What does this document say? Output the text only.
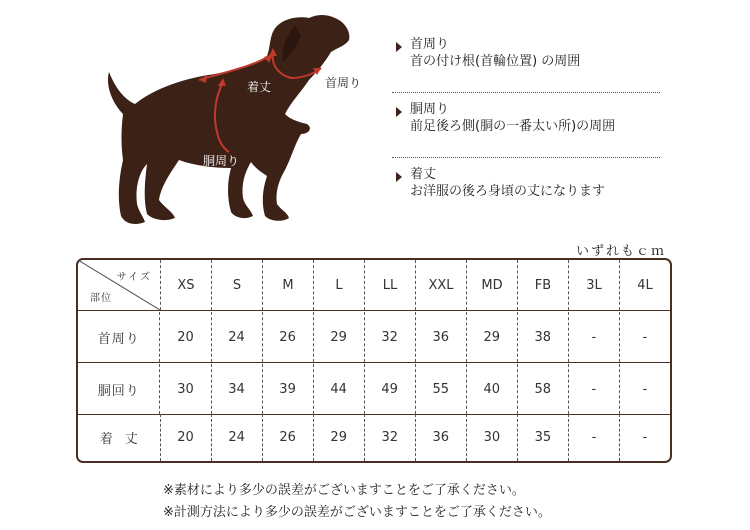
着丈	首周り
胴周り
首周り
首の付け根(首輪位置) の周囲
胴周り
前足後ろ側(胴の一番太い所)の周囲
着丈
お洋服の後ろ身頃の丈になります
いずれもｃｍ
サイズ
部位
XS	S	M	L	LL	XXL	MD	FB	3L	4L
首周り	20	24	26	29	32	36	29	38	-	-
胴回り	30	34	39	44	49	55	40	58	-	-
着丈	20	24	26	29	32	36	30	35	-	-
※素材により多少の誤差がございますことをご了承ください。
※計測方法により多少の誤差がございますことをご了承ください。
